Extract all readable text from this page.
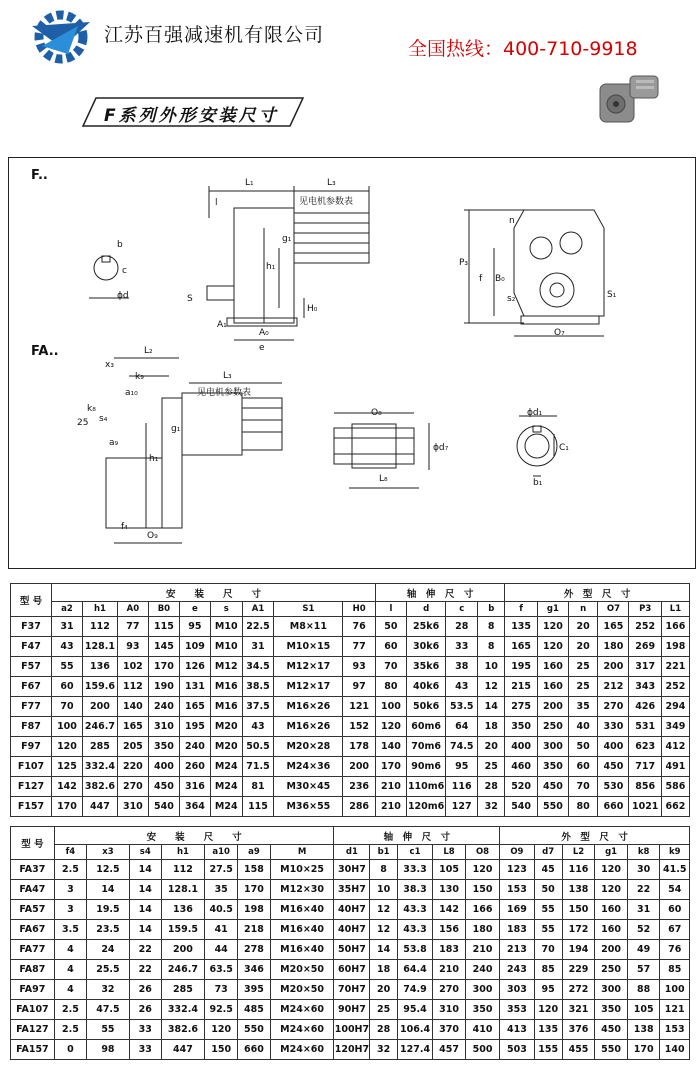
江苏百强减速机有限公司
全国热线：400-710-9918
F系列外形安装尺寸
F..
FA..
L₁	L₃
l	见电机参数表
g₁
h₁
H₀
S
A₁
A₀
e
b
c
ϕd
n
P₃
f B₀
s₂	S₁
O₇
L₂
x₃
k₉	L₃
见电机参数表
a₁₀
k₈
s₄
25
a₉
g₁
h₁
f₄
O₉
O₈
ϕd₇
L₈
ϕd₁
C₁
b₁
型 号	安　　装　　尺　　寸									轴　伸　尺　寸				外　型　尺　寸					
	a2	h1	A0	B0	e	s	A1	S1	H0	l	d	c	b	f	g1	n	O7	P3	L1
F37	31	112	77	115	95	M10	22.5	M8×11	76	50	25k6	28	8	135	120	20	165	252	166
F47	43	128.1	93	145	109	M10	31	M10×15	77	60	30k6	33	8	165	120	20	180	269	198
F57	55	136	102	170	126	M12	34.5	M12×17	93	70	35k6	38	10	195	160	25	200	317	221
F67	60	159.6	112	190	131	M16	38.5	M12×17	97	80	40k6	43	12	215	160	25	212	343	252
F77	70	200	140	240	165	M16	37.5	M16×26	121	100	50k6	53.5	14	275	200	35	270	426	294
F87	100	246.7	165	310	195	M20	43	M16×26	152	120	60m6	64	18	350	250	40	330	531	349
F97	120	285	205	350	240	M20	50.5	M20×28	178	140	70m6	74.5	20	400	300	50	400	623	412
F107	125	332.4	220	400	260	M24	71.5	M24×36	200	170	90m6	95	25	460	350	60	450	717	491
F127	142	382.6	270	450	316	M24	81	M30×45	236	210	110m6	116	28	520	450	70	530	856	586
F157	170	447	310	540	364	M24	115	M36×55	286	210	120m6	127	32	540	550	80	660	1021	662
型 号	安　　装　　尺　　寸							轴　伸　尺　寸					外　型　尺　寸					
	f4	x3	s4	h1	a10	a9	M	d1	b1	c1	L8	O8	O9	d7	L2	g1	k8	k9
FA37	2.5	12.5	14	112	27.5	158	M10×25	30H7	8	33.3	105	120	123	45	116	120	30	41.5
FA47	3	14	14	128.1	35	170	M12×30	35H7	10	38.3	130	150	153	50	138	120	22	54
FA57	3	19.5	14	136	40.5	198	M16×40	40H7	12	43.3	142	166	169	55	150	160	31	60
FA67	3.5	23.5	14	159.5	41	218	M16×40	40H7	12	43.3	156	180	183	55	172	160	52	67
FA77	4	24	22	200	44	278	M16×40	50H7	14	53.8	183	210	213	70	194	200	49	76
FA87	4	25.5	22	246.7	63.5	346	M20×50	60H7	18	64.4	210	240	243	85	229	250	57	85
FA97	4	32	26	285	73	395	M20×50	70H7	20	74.9	270	300	303	95	272	300	88	100
FA107	2.5	47.5	26	332.4	92.5	485	M24×60	90H7	25	95.4	310	350	353	120	321	350	105	121
FA127	2.5	55	33	382.6	120	550	M24×60	100H7	28	106.4	370	410	413	135	376	450	138	153
FA157	0	98	33	447	150	660	M24×60	120H7	32	127.4	457	500	503	155	455	550	170	140
